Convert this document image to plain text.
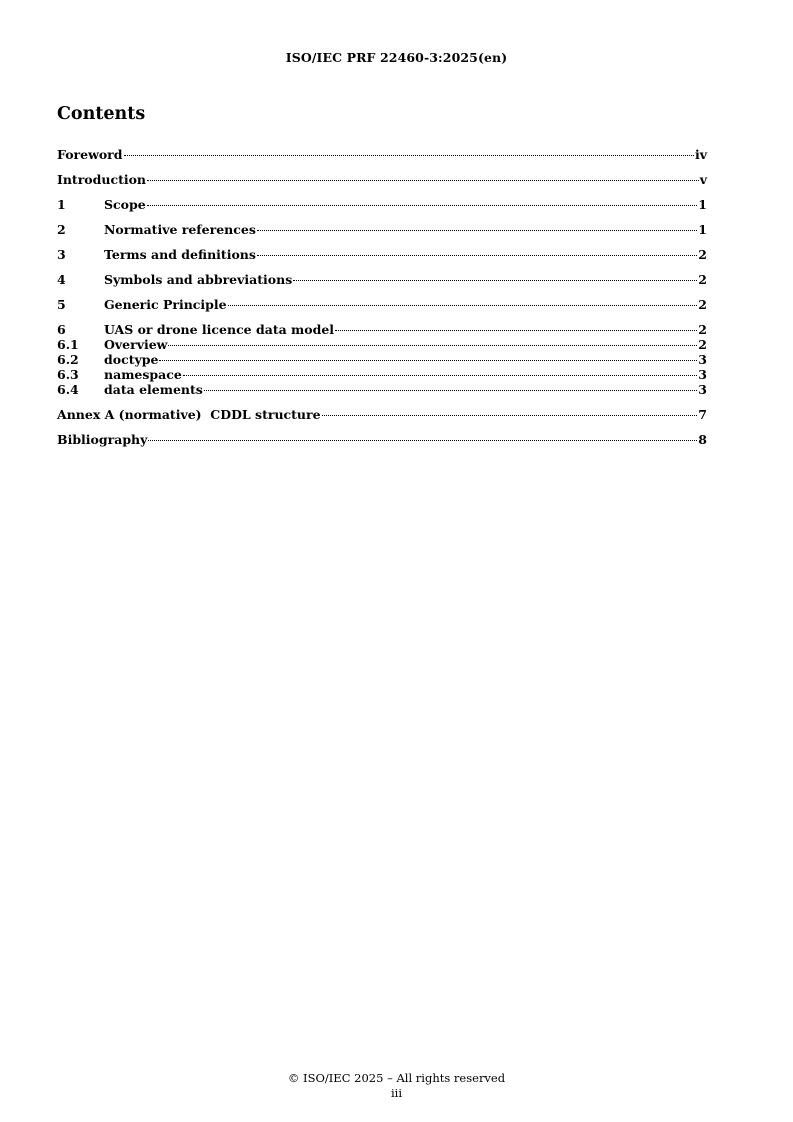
ISO/IEC PRF 22460-3:2025(en)
Contents
Foreword	iv
Introduction	v
1	Scope	1
2	Normative references	1
3	Terms and definitions	2
4	Symbols and abbreviations	2
5	Generic Principle	2
6	UAS or drone licence data model	2
6.1	Overview	2
6.2	doctype	3
6.3	namespace	3
6.4	data elements	3
Annex A (normative)  CDDL structure	7
Bibliography	8
© ISO/IEC 2025 – All rights reserved
iii
